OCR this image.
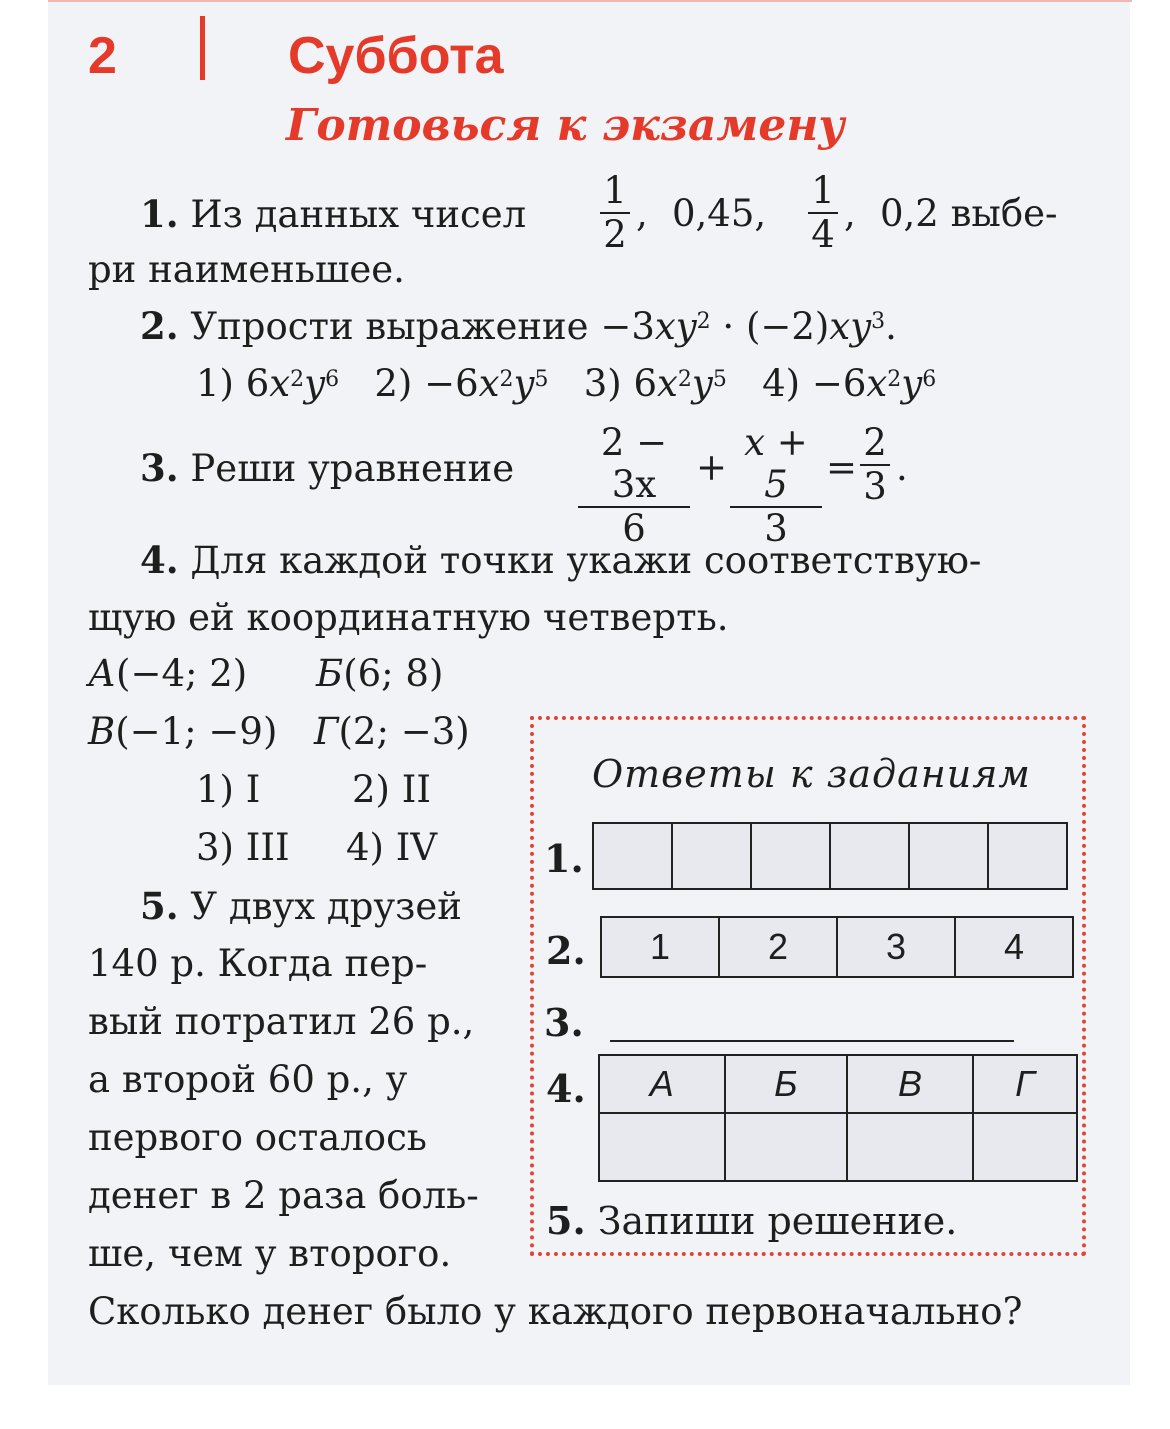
2	Суббота
Готовься к экзамену
1. Из данных чисел
1
2 , 0,45,
1
4 , 0,2 выбе-
ри наименьшее.
2. Упрости выражение $-3xy^2 \cdot (-2)xy^3$.
1) $6x^2y^6$ $2) -6x^2y^5$ 3) $6x^2y^5$ $4) -6x^2y^6$
3. Реши уравнение
2 − 3x
6
+
x + 5
3
=
2
3 .
4. Для каждой точки укажи соответствую-
щую ей координатную четверть.
А(−4; 2) Б(6; 8)
В(−1; −9) Г(2; −3)
1) I 2) II
3) III 4) IV
5. У двух друзей
140 р. Когда пер-
вый потратил 26 р.,
а второй 60 р., у
первого осталось
денег в 2 раза боль-
ше, чем у второго.
Сколько денег было у каждого первоначально?
Ответы к заданиям
1.

2. 1	2	3	4
3.
4. А	Б	В	Г

5. Запиши решение.
